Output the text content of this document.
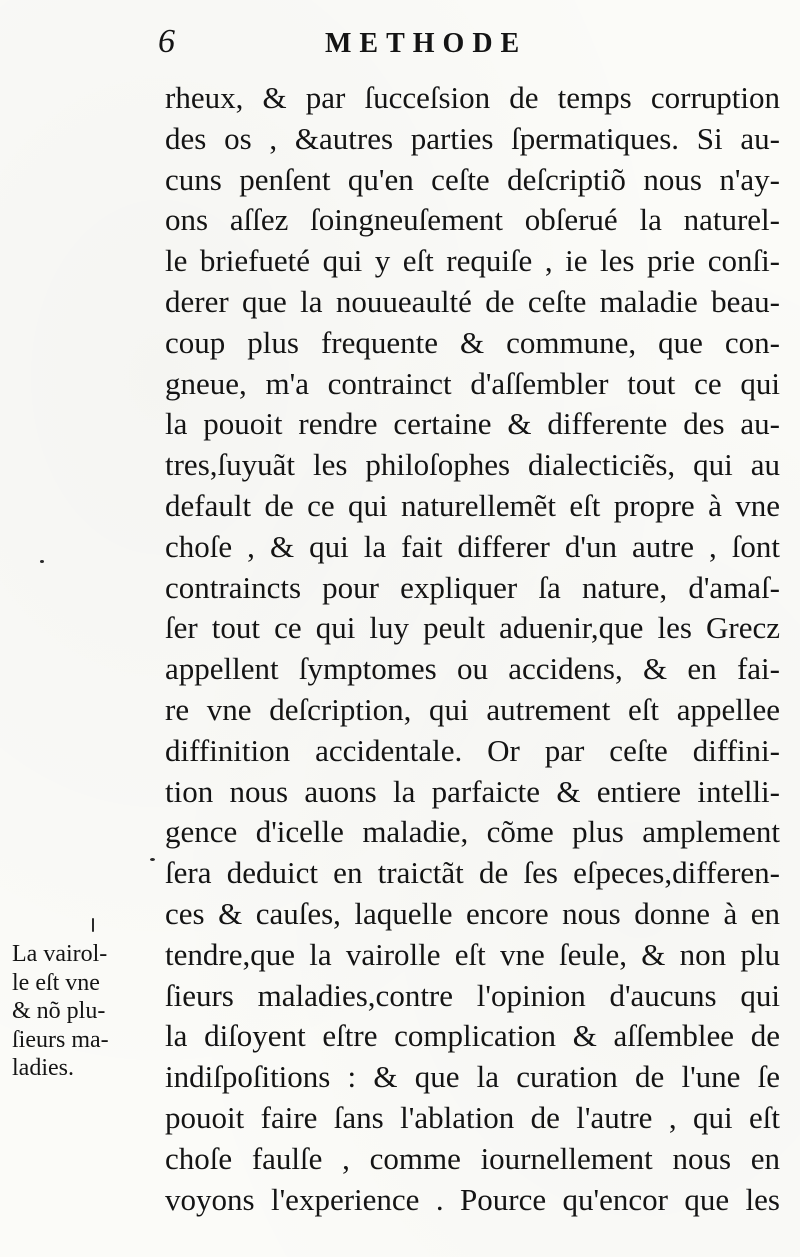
6	METHODE
rheux, & par ſucceſsion de temps corruption
des os , &autres parties ſpermatiques. Si au-
cuns penſent qu'en ceſte deſcriptiõ nous n'ay-
ons aſſez ſoingneuſement obſerué la naturel-
le briefueté qui y eſt requiſe , ie les prie conſi-
derer que la nouueaulté de ceſte maladie beau-
coup plus frequente & commune, que con-
gneue, m'a contrainct d'aſſembler tout ce qui
la pouoit rendre certaine & differente des au-
tres,ſuyuãt les philoſophes dialecticiẽs, qui au
default de ce qui naturellemẽt eſt propre à vne
choſe , & qui la fait differer d'un autre , ſont
contraincts pour expliquer ſa nature, d'amaſ-
ſer tout ce qui luy peult aduenir,que les Grecz
appellent ſymptomes ou accidens, & en fai-
re vne deſcription, qui autrement eſt appellee
diffinition accidentale. Or par ceſte diffini-
tion nous auons la parfaicte & entiere intelli-
gence d'icelle maladie, cõme plus amplement
ſera deduict en traictãt de ſes eſpeces,differen-
ces & cauſes, laquelle encore nous donne à en
tendre,que la vairolle eſt vne ſeule, & non plu
ſieurs maladies,contre l'opinion d'aucuns qui
la diſoyent eſtre complication & aſſemblee de
indiſpoſitions : & que la curation de l'une ſe
pouoit faire ſans l'ablation de l'autre , qui eſt
choſe faulſe , comme iournellement nous en
voyons l'experience . Pource qu'encor que les
La vairol-
le eſt vne
& nõ plu-
ſieurs ma-
ladies.
